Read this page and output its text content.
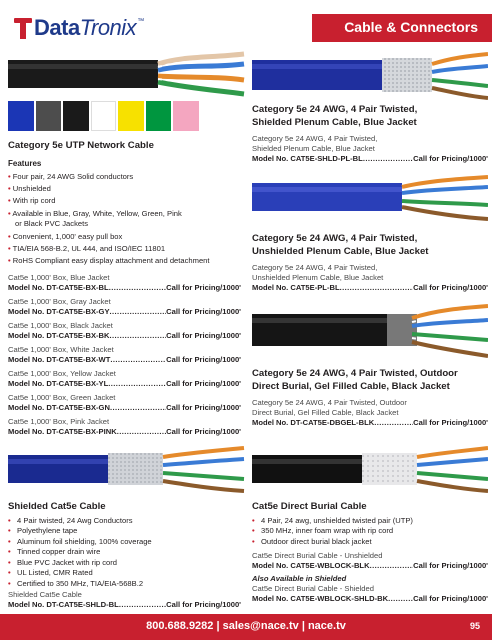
DataTronix ™	Cable & Connectors
Category 5e UTP Network Cable
Features
• Four pair, 24 AWG Solid conductors
• Unshielded
• With rip cord
• Available in Blue, Gray, White, Yellow, Green, Pink
or Black PVC Jackets
• Convenient, 1,000' easy pull box
• TIA/EIA 568-B.2, UL 444, and ISO/IEC 11801
• RoHS Compliant easy display attachment and detachment
Cat5e 1,000' Box, Blue Jacket
Model No. DT-CAT5E-BX-BL .....	Call for Pricing/1000'
Cat5e 1,000' Box, Gray Jacket
Model No. DT-CAT5E-BX-GY .....	Call for Pricing/1000'
Cat5e 1,000' Box, Black Jacket
Model No. DT-CAT5E-BX-BK .....	Call for Pricing/1000'
Cat5e 1,000' Box, White Jacket
Model No. DT-CAT5E-BX-WT .....	Call for Pricing/1000'
Cat5e 1,000' Box, Yellow Jacket
Model No. DT-CAT5E-BX-YL .....	Call for Pricing/1000'
Cat5e 1,000' Box, Green Jacket
Model No. DT-CAT5E-BX-GN .....	Call for Pricing/1000'
Cat5e 1,000' Box, Pink Jacket
Model No. DT-CAT5E-BX-PINK .....	Call for Pricing/1000'
Category 5e 24 AWG, 4 Pair Twisted,
Shielded Plenum Cable, Blue Jacket
Category 5e 24 AWG, 4 Pair Twisted,
Shielded Plenum Cable, Blue Jacket
Model No. CAT5E-SHLD-PL-BL .....	Call for Pricing/1000'
Category 5e 24 AWG, 4 Pair Twisted,
Unshielded Plenum Cable, Blue Jacket
Category 5e 24 AWG, 4 Pair Twisted,
Unshielded Plenum Cable, Blue Jacket
Model No. CAT5E-PL-BL .....	Call for Pricing/1000'
Category 5e 24 AWG, 4 Pair Twisted, Outdoor
Direct Burial, Gel Filled Cable, Black Jacket
Category 5e 24 AWG, 4 Pair Twisted, Outdoor
Direct Burial, Gel Filled Cable, Black Jacket
Model No. DT-CAT5E-DBGEL-BLK .....	Call for Pricing/1000'
Shielded Cat5e Cable
• 4 Pair twisted, 24 Awg Conductors
• Polyethylene tape
• Aluminum foil shielding, 100% coverage
• Tinned copper drain wire
• Blue PVC Jacket with rip cord
• UL Listed, CMR Rated
• Certified to 350 MHz, TIA/EIA-568B.2
Shielded Cat5e Cable
Model No. DT-CAT5E-SHLD-BL .....	Call for Pricing/1000'
Cat5e Direct Burial Cable
• 4 Pair, 24 awg, unshielded twisted pair (UTP)
• 350 MHz, inner foam wrap with rip cord
• Outdoor direct burial black jacket
Cat5e Direct Burial Cable - Unshielded
Model No. CAT5E-WBLOCK-BLK .....	Call for Pricing/1000'
Also Available in Shielded
Cat5e Direct Burial Cable - Shielded
Model No. CAT5E-WBLOCK-SHLD-BK .....	Call for Pricing/1000'
800.688.9282 | sales@nace.tv | nace.tv	95
